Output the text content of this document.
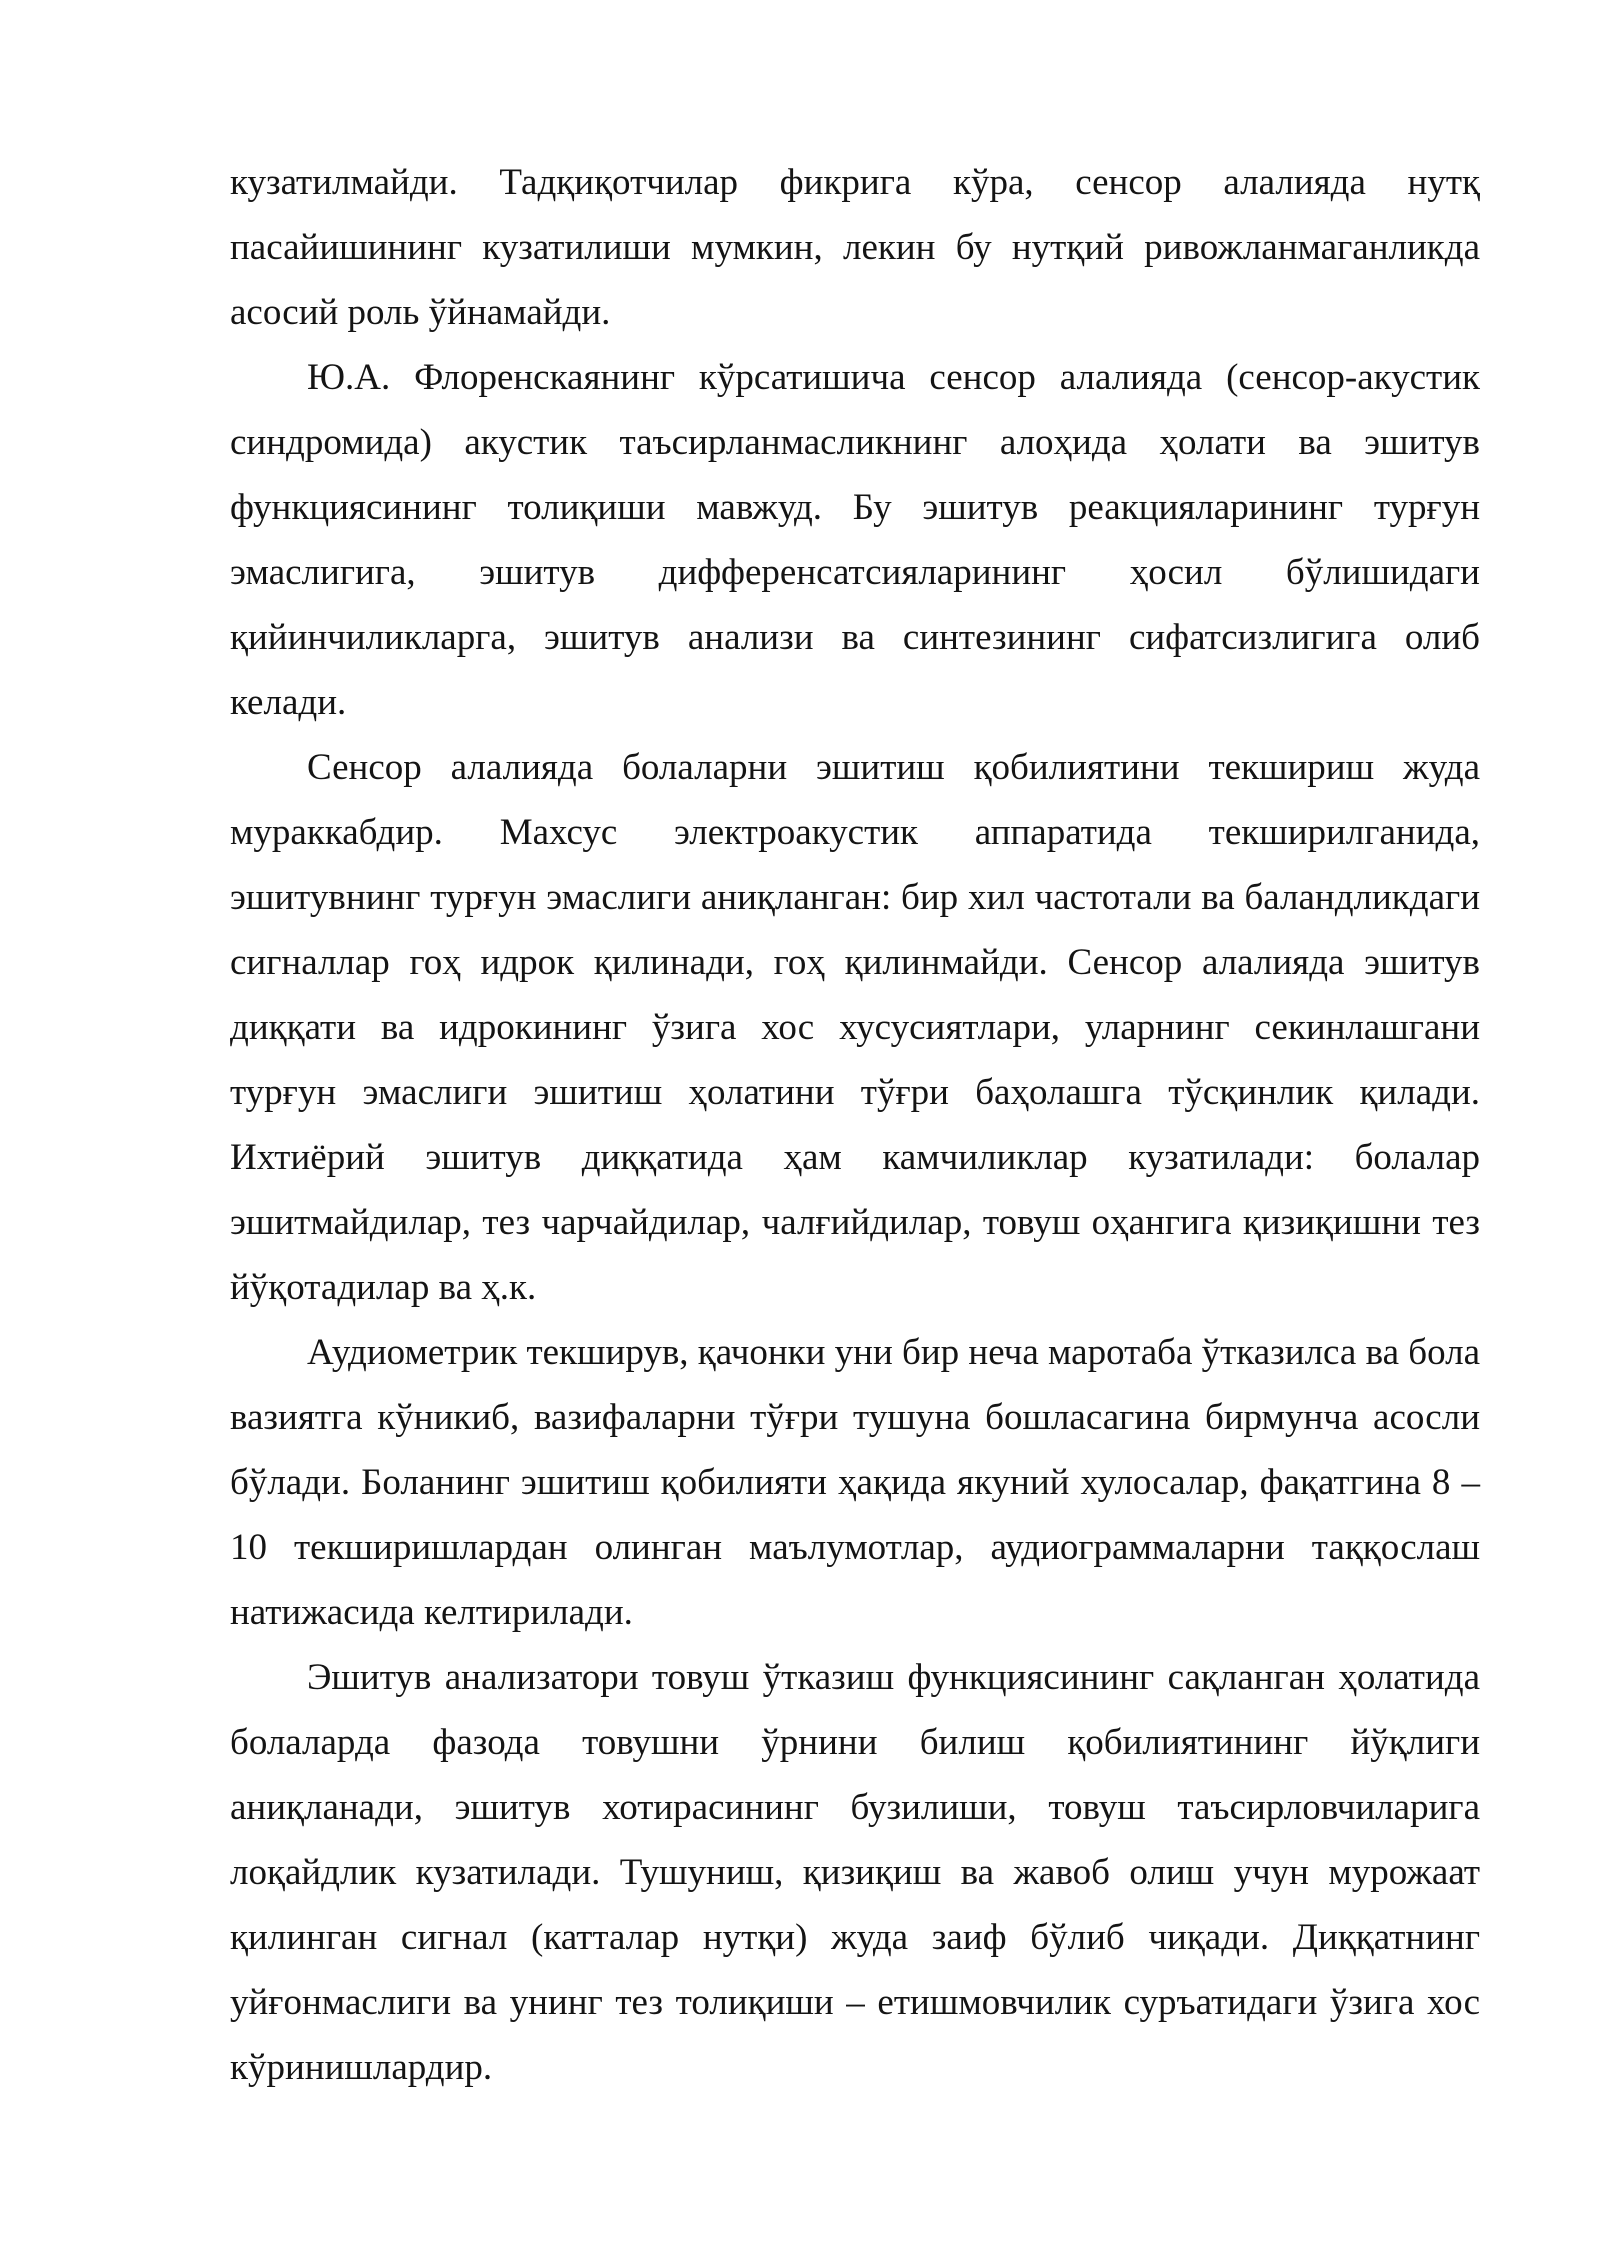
кузатилмайди. Тадқиқотчилар фикрига кўра, сенсор алалияда нутқ пасайишининг кузатилиши мумкин, лекин бу нутқий ривожланмаганликда асосий роль ўйнамайди.

Ю.А. Флоренскаянинг кўрсатишича сенсор алалияда (сенсор-акустик синдромида) акустик таъсирланмасликнинг алоҳида ҳолати ва эшитув функциясининг толиқиши мавжуд. Бу эшитув реакцияларининг турғун эмаслигига, эшитув дифференсатсияларининг ҳосил бўлишидаги қийинчиликларга, эшитув анализи ва синтезининг сифатсизлигига олиб келади.

Сенсор алалияда болаларни эшитиш қобилиятини текшириш жуда мураккабдир. Махсус электроакустик аппаратида текширилганида, эшитувнинг турғун эмаслиги аниқланган: бир хил частотали ва баландликдаги сигналлар гоҳ идрок қилинади, гоҳ қилинмайди. Сенсор алалияда эшитув диққати ва идрокининг ўзига хос хусусиятлари, уларнинг секинлашгани турғун эмаслиги эшитиш ҳолатини тўғри баҳолашга тўсқинлик қилади. Ихтиёрий эшитув диққатида ҳам камчиликлар кузатилади: болалар эшитмайдилар, тез чарчайдилар, чалғийдилар, товуш оҳангига қизиқишни тез йўқотадилар ва ҳ.к.

Аудиометрик текширув, қачонки уни бир неча маротаба ўтказилса ва бола вазиятга кўникиб, вазифаларни тўғри тушуна бошласагина бирмунча асосли бўлади. Боланинг эшитиш қобилияти ҳақида якуний хулосалар, фақатгина 8 – 10 текширишлардан олинган маълумотлар, аудиограммаларни таққослаш натижасида келтирилади.

Эшитув анализатори товуш ўтказиш функциясининг сақланган ҳолатида болаларда фазода товушни ўрнини билиш қобилиятининг йўқлиги аниқланади, эшитув хотирасининг бузилиши, товуш таъсирловчиларига лоқайдлик кузатилади. Тушуниш, қизиқиш ва жавоб олиш учун мурожаат қилинган сигнал (катталар нутқи) жуда заиф бўлиб чиқади. Диққатнинг уйғонмаслиги ва унинг тез толиқиши – етишмовчилик суръатидаги ўзига хос кўринишлардир.
